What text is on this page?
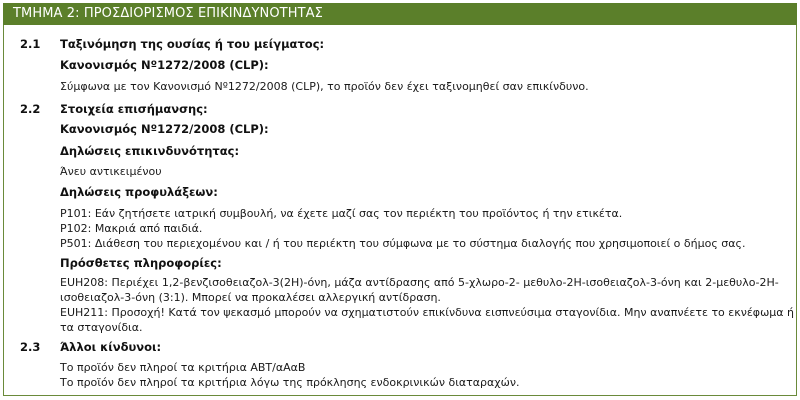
ΤΜΗΜΑ 2: ΠΡΟΣΔΙΟΡΙΣΜΟΣ ΕΠΙΚΙΝΔΥΝΟΤΗΤΑΣ
2.1 Ταξινόμηση της ουσίας ή του μείγματος:
Κανονισμός Nº1272/2008 (CLP):
Σύμφωνα με τον Κανονισμό Nº1272/2008 (CLP), το προϊόν δεν έχει ταξινομηθεί σαν επικίνδυνο.
2.2 Στοιχεία επισήμανσης:
Κανονισμός Nº1272/2008 (CLP):
Δηλώσεις επικινδυνότητας:
Άνευ αντικειμένου
Δηλώσεις προφυλάξεων:
P101: Εάν ζητήσετε ιατρική συμβουλή, να έχετε μαζί σας τον περιέκτη του προϊόντος ή την ετικέτα.
P102: Μακριά από παιδιά.
P501: Διάθεση του περιεχομένου και / ή του περιέκτη του σύμφωνα με το σύστημα διαλογής που χρησιμοποιεί ο δήμος σας.
Πρόσθετες πληροφορίες:
EUH208: Περιέχει 1,2-βενζισοθειαζολ-3(2H)-όνη, μάζα αντίδρασης από 5-χλωρο-2- μεθυλο-2H-ισοθειαζολ-3-όνη και 2-μεθυλο-2H-
ισοθειαζολ-3-όνη (3:1). Μπορεί να προκαλέσει αλλεργική αντίδραση.
EUH211: Προσοχή! Κατά τον ψεκασμό μπορούν να σχηματιστούν επικίνδυνα εισπνεύσιμα σταγονίδια. Μην αναπνέετε το εκνέφωμα ή
τα σταγονίδια.
2.3 Άλλοι κίνδυνοι:
Το προϊόν δεν πληροί τα κριτήρια ΑΒΤ/αΑαΒ
Το προϊόν δεν πληροί τα κριτήρια λόγω της πρόκλησης ενδοκρινικών διαταραχών.
